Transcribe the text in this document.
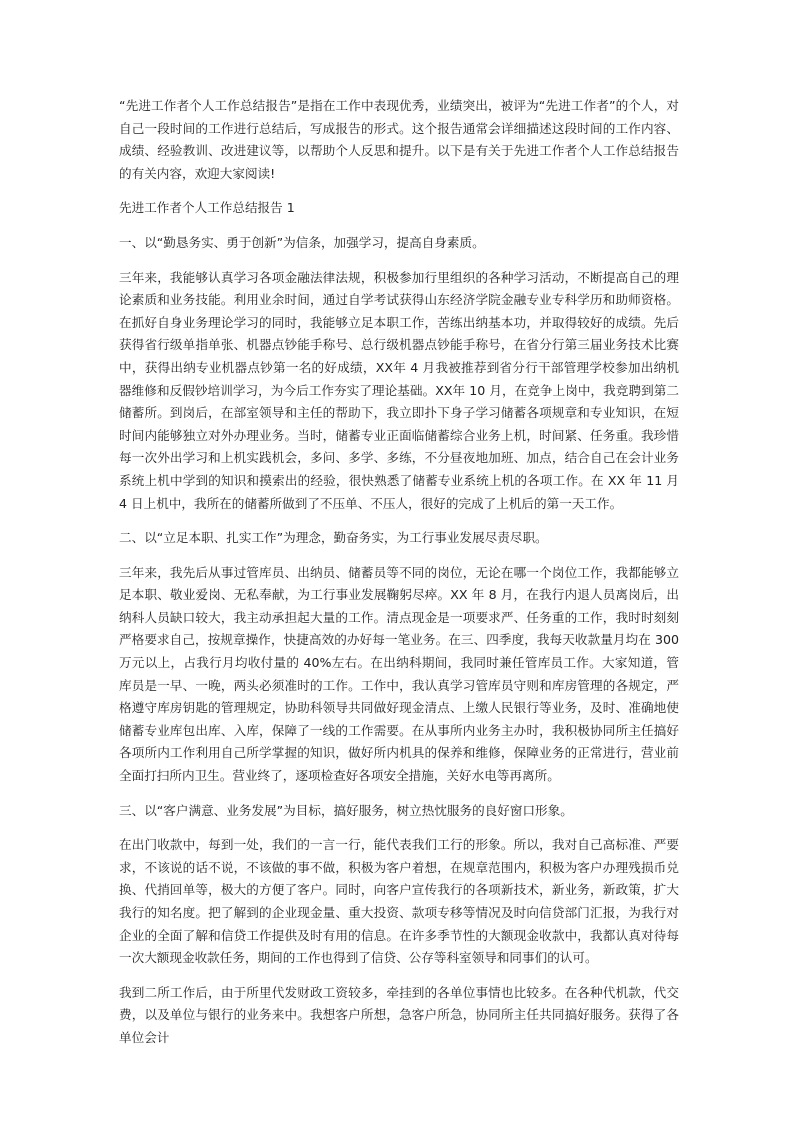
“先进工作者个人工作总结报告”是指在工作中表现优秀，业绩突出，被评为“先进工作者”的个人，对自己一段时间的工作进行总结后，写成报告的形式。这个报告通常会详细描述这段时间的工作内容、成绩、经验教训、改进建议等，以帮助个人反思和提升。以下是有关于先进工作者个人工作总结报告的有关内容，欢迎大家阅读!

先进工作者个人工作总结报告 1

一、以“勤恳务实、勇于创新”为信条，加强学习，提高自身素质。

三年来，我能够认真学习各项金融法律法规，积极参加行里组织的各种学习活动，不断提高自己的理论素质和业务技能。利用业余时间，通过自学考试获得山东经济学院金融专业专科学历和助师资格。在抓好自身业务理论学习的同时，我能够立足本职工作，苦练出纳基本功，并取得较好的成绩。先后获得省行级单指单张、机器点钞能手称号、总行级机器点钞能手称号，在省分行第三届业务技术比赛中，获得出纳专业机器点钞第一名的好成绩，XX年 4 月我被推荐到省分行干部管理学校参加出纳机器维修和反假钞培训学习，为今后工作夯实了理论基础。XX年 10 月，在竞争上岗中，我竞聘到第二储蓄所。到岗后，在部室领导和主任的帮助下，我立即扑下身子学习储蓄各项规章和专业知识，在短时间内能够独立对外办理业务。当时，储蓄专业正面临储蓄综合业务上机，时间紧、任务重。我珍惜每一次外出学习和上机实践机会，多问、多学、多练，不分昼夜地加班、加点，结合自己在会计业务系统上机中学到的知识和摸索出的经验，很快熟悉了储蓄专业系统上机的各项工作。在 XX 年 11 月 4 日上机中，我所在的储蓄所做到了不压单、不压人，很好的完成了上机后的第一天工作。

二、以“立足本职、扎实工作”为理念，勤奋务实，为工行事业发展尽责尽职。

三年来，我先后从事过管库员、出纳员、储蓄员等不同的岗位，无论在哪一个岗位工作，我都能够立足本职、敬业爱岗、无私奉献，为工行事业发展鞠躬尽瘁。XX 年 8 月，在我行内退人员离岗后，出纳科人员缺口较大，我主动承担起大量的工作。清点现金是一项要求严、任务重的工作，我时时刻刻严格要求自己，按规章操作，快捷高效的办好每一笔业务。在三、四季度，我每天收款量月均在 300 万元以上，占我行月均收付量的 40%左右。在出纳科期间，我同时兼任管库员工作。大家知道，管库员是一早、一晚，两头必须准时的工作。工作中，我认真学习管库员守则和库房管理的各规定，严格遵守库房钥匙的管理规定，协助科领导共同做好现金清点、上缴人民银行等业务，及时、准确地使储蓄专业库包出库、入库，保障了一线的工作需要。在从事所内业务主办时，我积极协同所主任搞好各项所内工作利用自己所学掌握的知识，做好所内机具的保养和维修，保障业务的正常进行，营业前全面打扫所内卫生。营业终了，逐项检查好各项安全措施，关好水电等再离所。

三、以“客户满意、业务发展”为目标，搞好服务，树立热忱服务的良好窗口形象。

在出门收款中，每到一处，我们的一言一行，能代表我们工行的形象。所以，我对自己高标准、严要求，不该说的话不说，不该做的事不做，积极为客户着想，在规章范围内，积极为客户办理残损币兑换、代捎回单等，极大的方便了客户。同时，向客户宣传我行的各项新技术，新业务，新政策，扩大我行的知名度。把了解到的企业现金量、重大投资、款项专移等情况及时向信贷部门汇报，为我行对企业的全面了解和信贷工作提供及时有用的信息。在许多季节性的大额现金收款中，我都认真对待每一次大额现金收款任务，期间的工作也得到了信贷、公存等科室领导和同事们的认可。

我到二所工作后，由于所里代发财政工资较多，牵挂到的各单位事情也比较多。在各种代机款，代交费，以及单位与银行的业务来中。我想客户所想，急客户所急，协同所主任共同搞好服务。获得了各单位会计
